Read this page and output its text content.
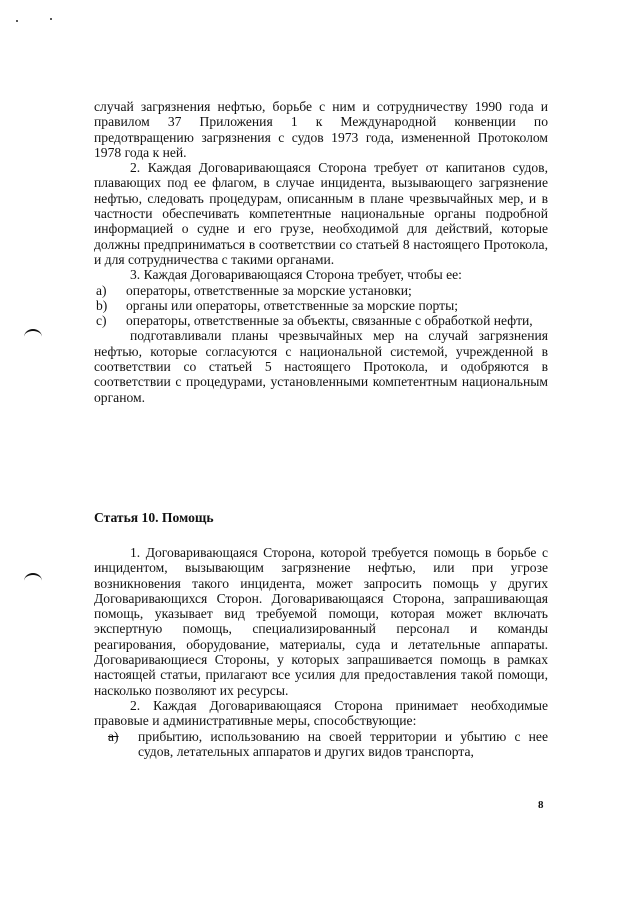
случай загрязнения нефтью, борьбе с ним и сотрудничеству 1990 года и правилом 37 Приложения 1 к Международной конвенции по предотвращению загрязнения с судов 1973 года, измененной Протоколом 1978 года к ней.

2. Каждая Договаривающаяся Сторона требует от капитанов судов, плавающих под ее флагом, в случае инцидента, вызывающего загрязнение нефтью, следовать процедурам, описанным в плане чрезвычайных мер, и в частности обеспечивать компетентные национальные органы подробной информацией о судне и его грузе, необходимой для действий, которые должны предприниматься в соответствии со статьей 8 настоящего Протокола, и для сотрудничества с такими органами.

3. Каждая Договаривающаяся Сторона требует, чтобы ее:

a)	операторы, ответственные за морские установки;
b)	органы или операторы, ответственные за морские порты;
c)	операторы, ответственные за объекты, связанные с обработкой нефти,

подготавливали планы чрезвычайных мер на случай загрязнения нефтью, которые согласуются с национальной системой, учрежденной в соответствии со статьей 5 настоящего Протокола, и одобряются в соответствии с процедурами, установленными компетентным национальным органом.

Статья 10. Помощь

1. Договаривающаяся Сторона, которой требуется помощь в борьбе с инцидентом, вызывающим загрязнение нефтью, или при угрозе возникновения такого инцидента, может запросить помощь у других Договаривающихся Сторон. Договаривающаяся Сторона, запрашивающая помощь, указывает вид требуемой помощи, которая может включать экспертную помощь, специализированный персонал и команды реагирования, оборудование, материалы, суда и летательные аппараты. Договаривающиеся Стороны, у которых запрашивается помощь в рамках настоящей статьи, прилагают все усилия для предоставления такой помощи, насколько позволяют их ресурсы.

2. Каждая Договаривающаяся Сторона принимает необходимые правовые и административные меры, способствующие:

a)	прибытию, использованию на своей территории и убытию с нее судов, летательных аппаратов и других видов транспорта,
8
